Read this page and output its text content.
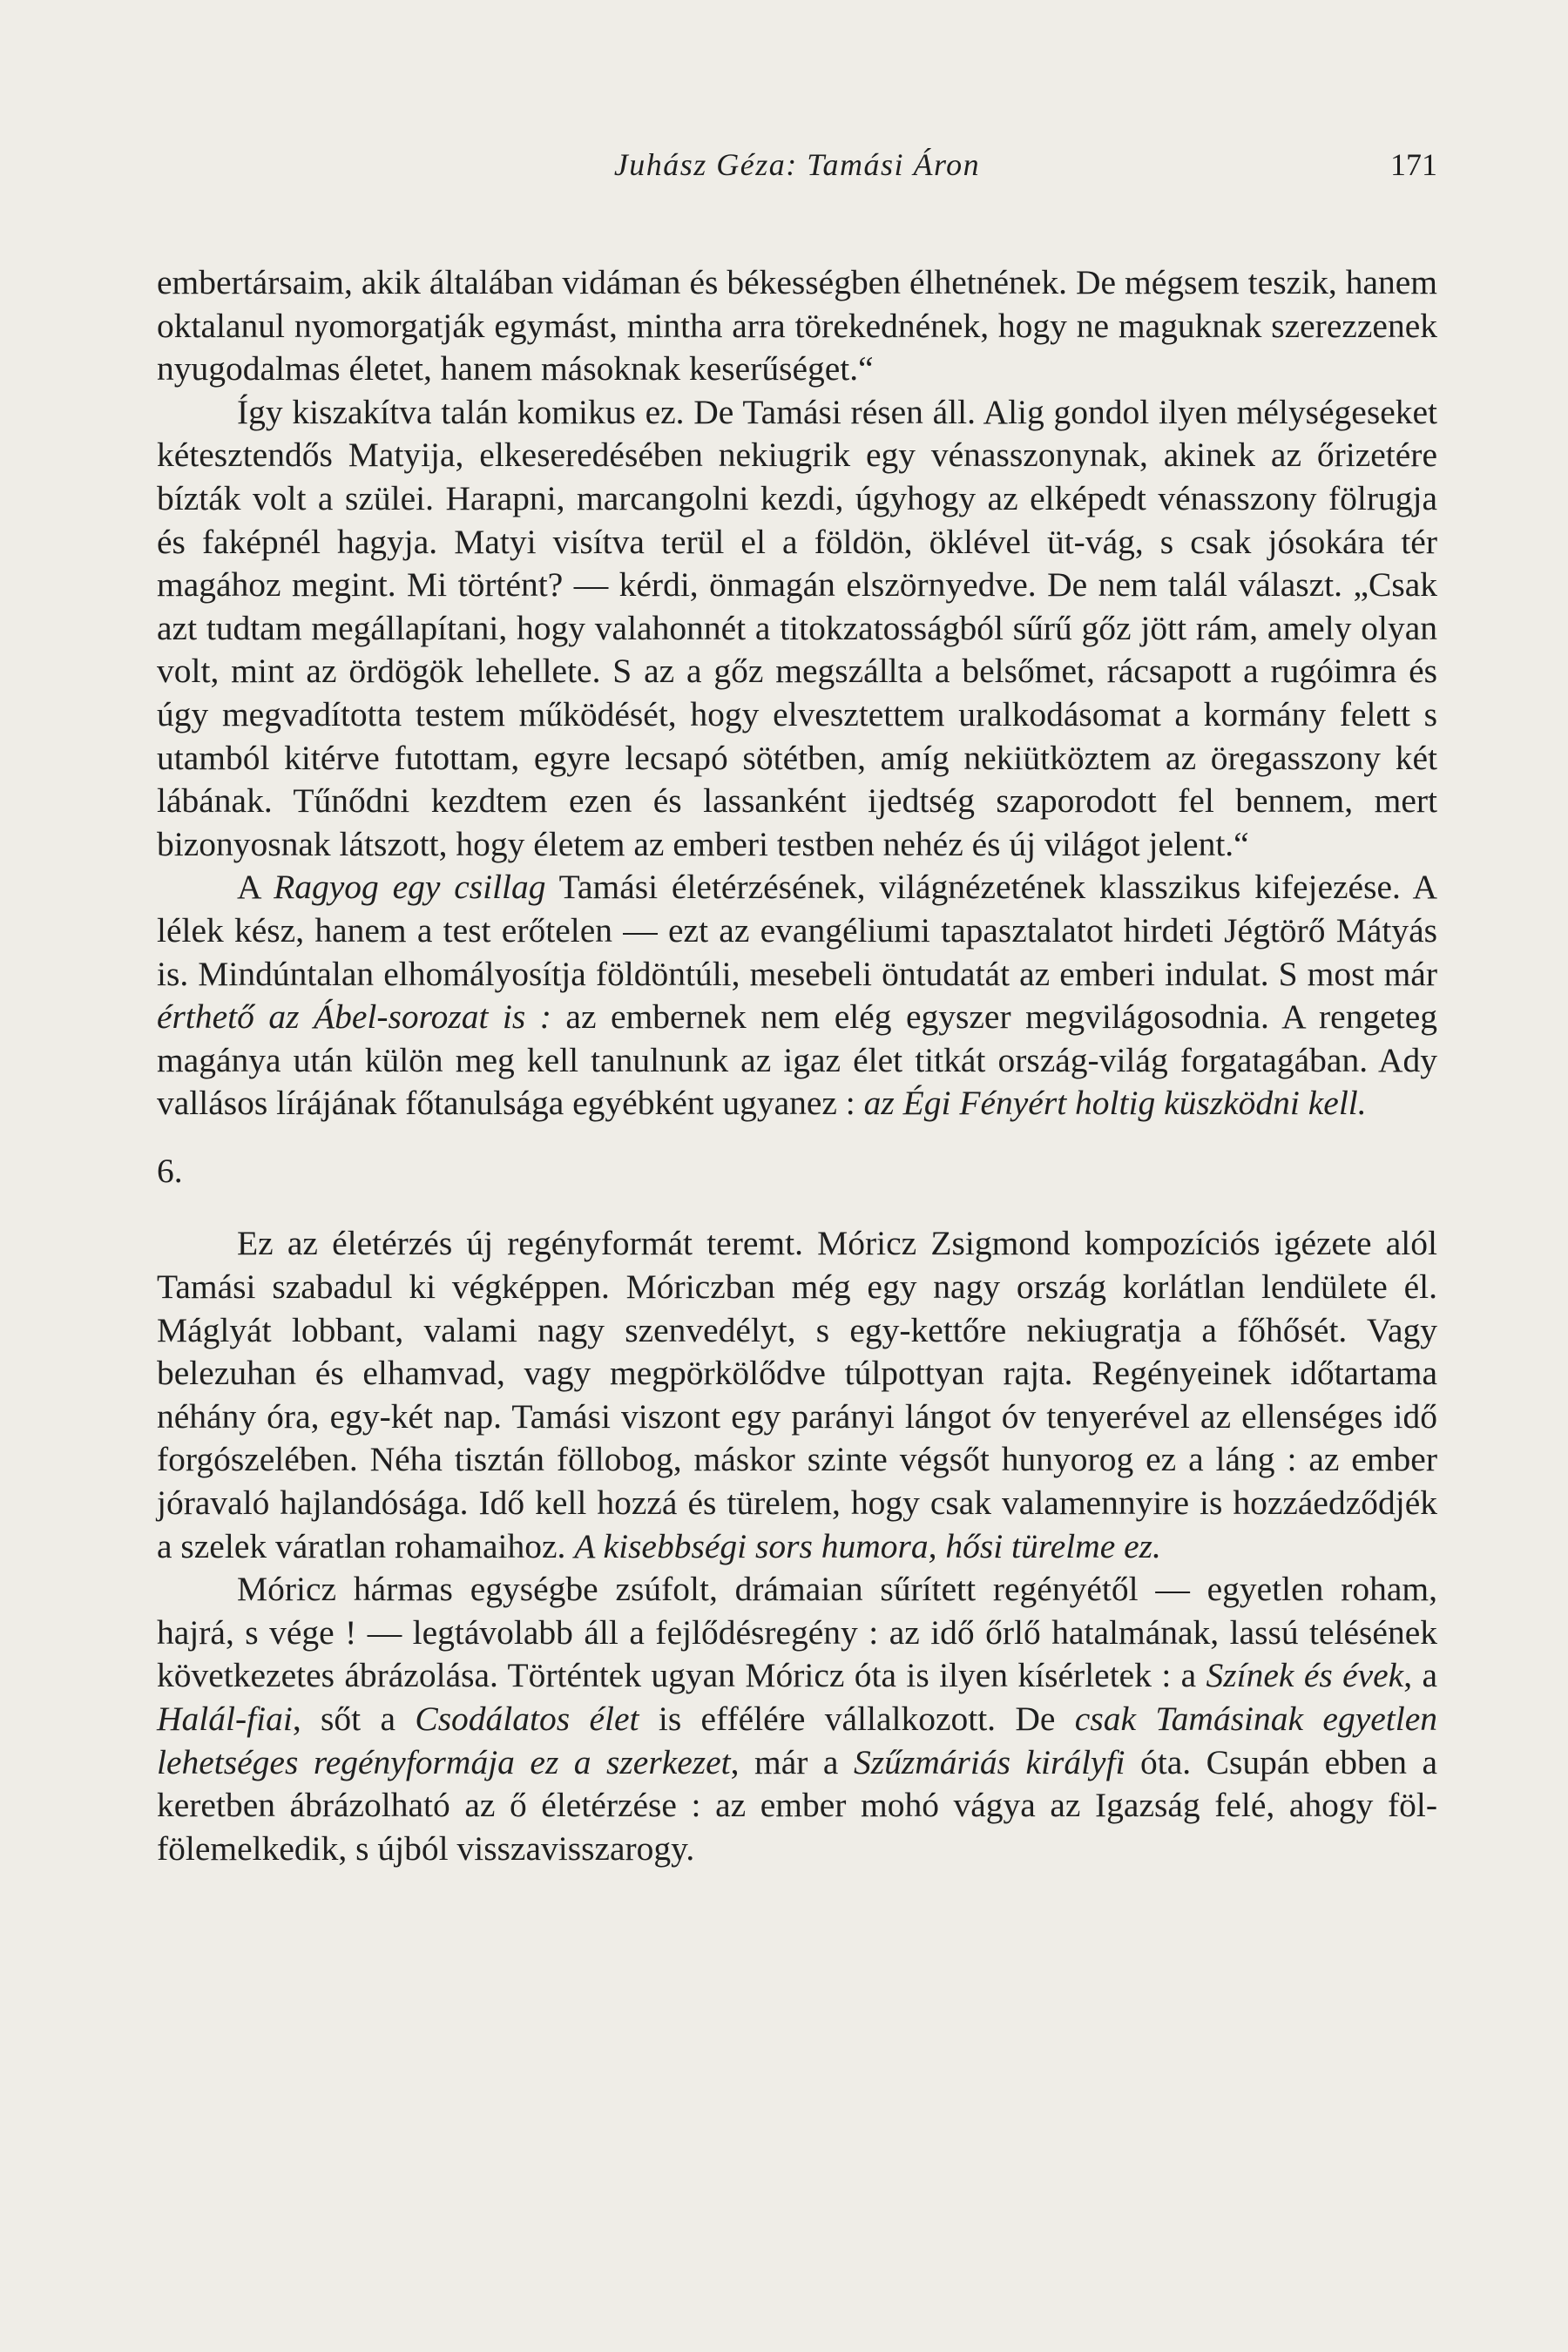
Juhász Géza: Tamási Áron	171

embertársaim, akik általában vidáman és békességben élhetnének. De mégsem teszik, hanem oktalanul nyomorgatják egymást, mintha arra törekednének, hogy ne maguknak szerezzenek nyugodalmas életet, hanem másoknak keserűséget.“

Így kiszakítva talán komikus ez. De Tamási résen áll. Alig gondol ilyen mélységeseket kétesztendős Matyija, elkeseredésében nekiugrik egy vénasszonynak, akinek az őrizetére bízták volt a szülei. Harapni, marcangolni kezdi, úgyhogy az elképedt vénasszony fölrugja és faképnél hagyja. Matyi visítva terül el a földön, öklével üt-vág, s csak jósokára tér magához megint. Mi történt? — kérdi, önmagán elszörnyedve. De nem talál választ. „Csak azt tudtam megállapítani, hogy valahonnét a titokzatosságból sűrű gőz jött rám, amely olyan volt, mint az ördögök lehellete. S az a gőz megszállta a belsőmet, rácsapott a rugóimra és úgy megvadította testem működését, hogy elvesztettem uralkodásomat a kormány felett s utamból kitérve futottam, egyre lecsapó sötétben, amíg nekiütköztem az öregasszony két lábának. Tűnődni kezdtem ezen és lassanként ijedtség szaporodott fel bennem, mert bizonyosnak látszott, hogy életem az emberi testben nehéz és új világot jelent.“

A Ragyog egy csillag Tamási életérzésének, világnézetének klasszikus kifejezése. A lélek kész, hanem a test erőtelen — ezt az evangéliumi tapasztalatot hirdeti Jégtörő Mátyás is. Mindúntalan elhomályosítja földöntúli, mesebeli öntudatát az emberi indulat. S most már érthető az Ábel-sorozat is : az embernek nem elég egyszer megvilágosodnia. A rengeteg magánya után külön meg kell tanulnunk az igaz élet titkát ország-világ forgatagában. Ady vallásos lírájának főtanulsága egyébként ugyanez : az Égi Fényért holtig küszködni kell.

6.

Ez az életérzés új regényformát teremt. Móricz Zsigmond kompozíciós igézete alól Tamási szabadul ki végképpen. Móriczban még egy nagy ország korlátlan lendülete él. Máglyát lobbant, valami nagy szenvedélyt, s egy-kettőre nekiugratja a főhősét. Vagy belezuhan és elhamvad, vagy megpörkölődve túlpottyan rajta. Regényeinek időtartama néhány óra, egy-két nap. Tamási viszont egy parányi lángot óv tenyerével az ellenséges idő forgószelében. Néha tisztán föllobog, máskor szinte végsőt hunyorog ez a láng : az ember jóravaló hajlandósága. Idő kell hozzá és türelem, hogy csak valamennyire is hozzáedződjék a szelek váratlan rohamaihoz. A kisebbségi sors humora, hősi türelme ez.

Móricz hármas egységbe zsúfolt, drámaian sűrített regényétől — egyetlen roham, hajrá, s vége ! — legtávolabb áll a fejlődésregény : az idő őrlő hatalmának, lassú telésének következetes ábrázolása. Történtek ugyan Móricz óta is ilyen kísérletek : a Színek és évek, a Halál-fiai, sőt a Csodálatos élet is effélére vállalkozott. De csak Tamásinak egyetlen lehetséges regényformája ez a szerkezet, már a Szűzmáriás királyfi óta. Csupán ebben a keretben ábrázolható az ő életérzése : az ember mohó vágya az Igazság felé, ahogy föl-fölemelkedik, s újból visszavisszarogy.
